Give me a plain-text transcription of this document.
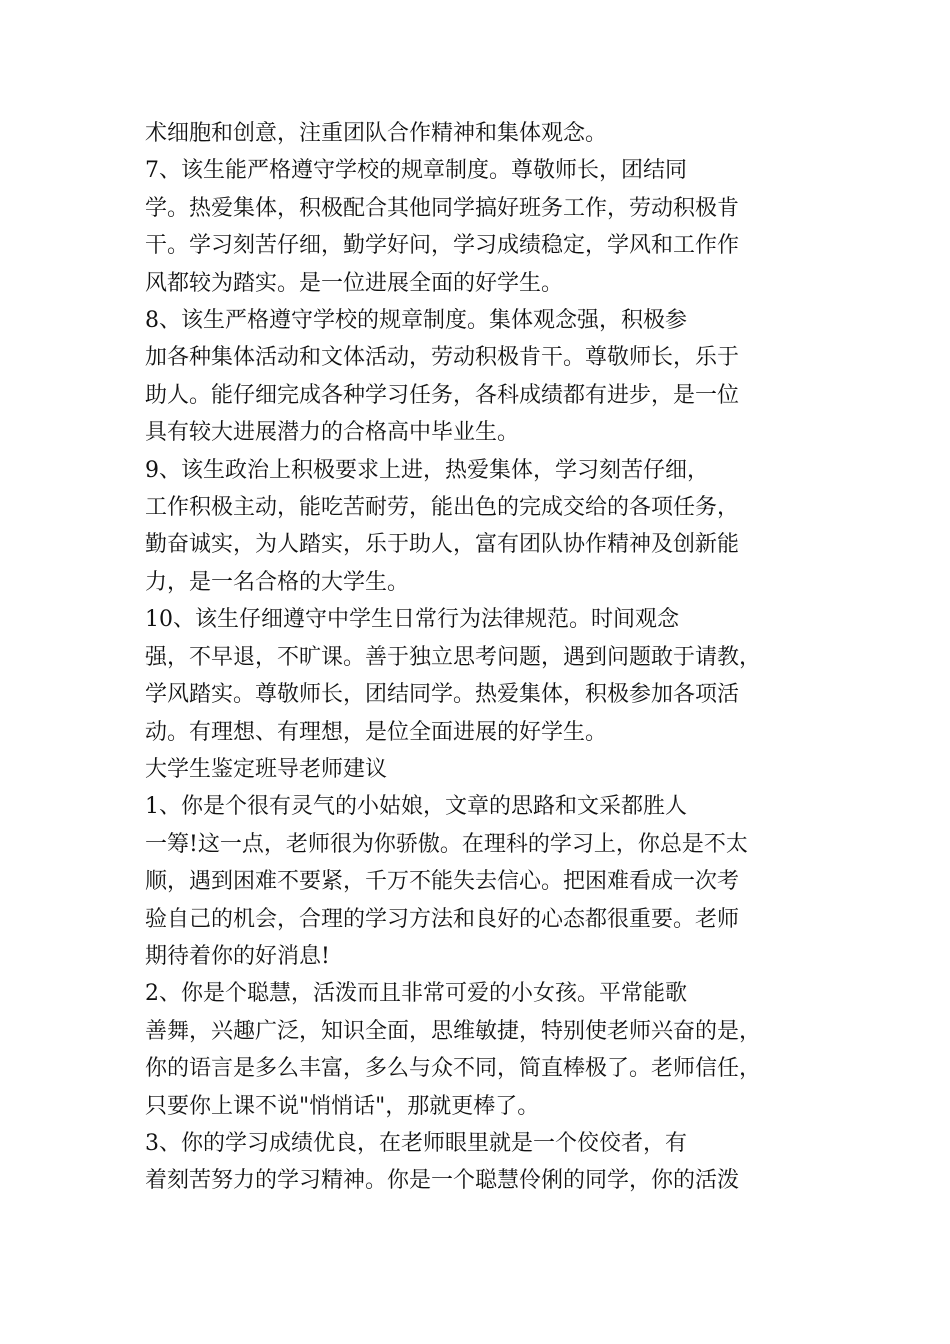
术细胞和创意，注重团队合作精神和集体观念。
7、该生能严格遵守学校的规章制度。尊敬师长，团结同
学。热爱集体，积极配合其他同学搞好班务工作，劳动积极肯
干。学习刻苦仔细，勤学好问，学习成绩稳定，学风和工作作
风都较为踏实。是一位进展全面的好学生。
8、该生严格遵守学校的规章制度。集体观念强，积极参
加各种集体活动和文体活动，劳动积极肯干。尊敬师长，乐于
助人。能仔细完成各种学习任务，各科成绩都有进步，是一位
具有较大进展潜力的合格高中毕业生。
9、该生政治上积极要求上进，热爱集体，学习刻苦仔细，
工作积极主动，能吃苦耐劳，能出色的完成交给的各项任务，
勤奋诚实，为人踏实，乐于助人，富有团队协作精神及创新能
力，是一名合格的大学生。
10、该生仔细遵守中学生日常行为法律规范。时间观念
强，不早退，不旷课。善于独立思考问题，遇到问题敢于请教，
学风踏实。尊敬师长，团结同学。热爱集体，积极参加各项活
动。有理想、有理想，是位全面进展的好学生。
大学生鉴定班导老师建议
1、你是个很有灵气的小姑娘，文章的思路和文采都胜人
一筹!这一点，老师很为你骄傲。在理科的学习上，你总是不太
顺，遇到困难不要紧，千万不能失去信心。把困难看成一次考
验自己的机会，合理的学习方法和良好的心态都很重要。老师
期待着你的好消息!
2、你是个聪慧，活泼而且非常可爱的小女孩。平常能歌
善舞，兴趣广泛，知识全面，思维敏捷，特别使老师兴奋的是，
你的语言是多么丰富，多么与众不同，简直棒极了。老师信任，
只要你上课不说"悄悄话"，那就更棒了。
3、你的学习成绩优良，在老师眼里就是一个佼佼者，有
着刻苦努力的学习精神。你是一个聪慧伶俐的同学，你的活泼
